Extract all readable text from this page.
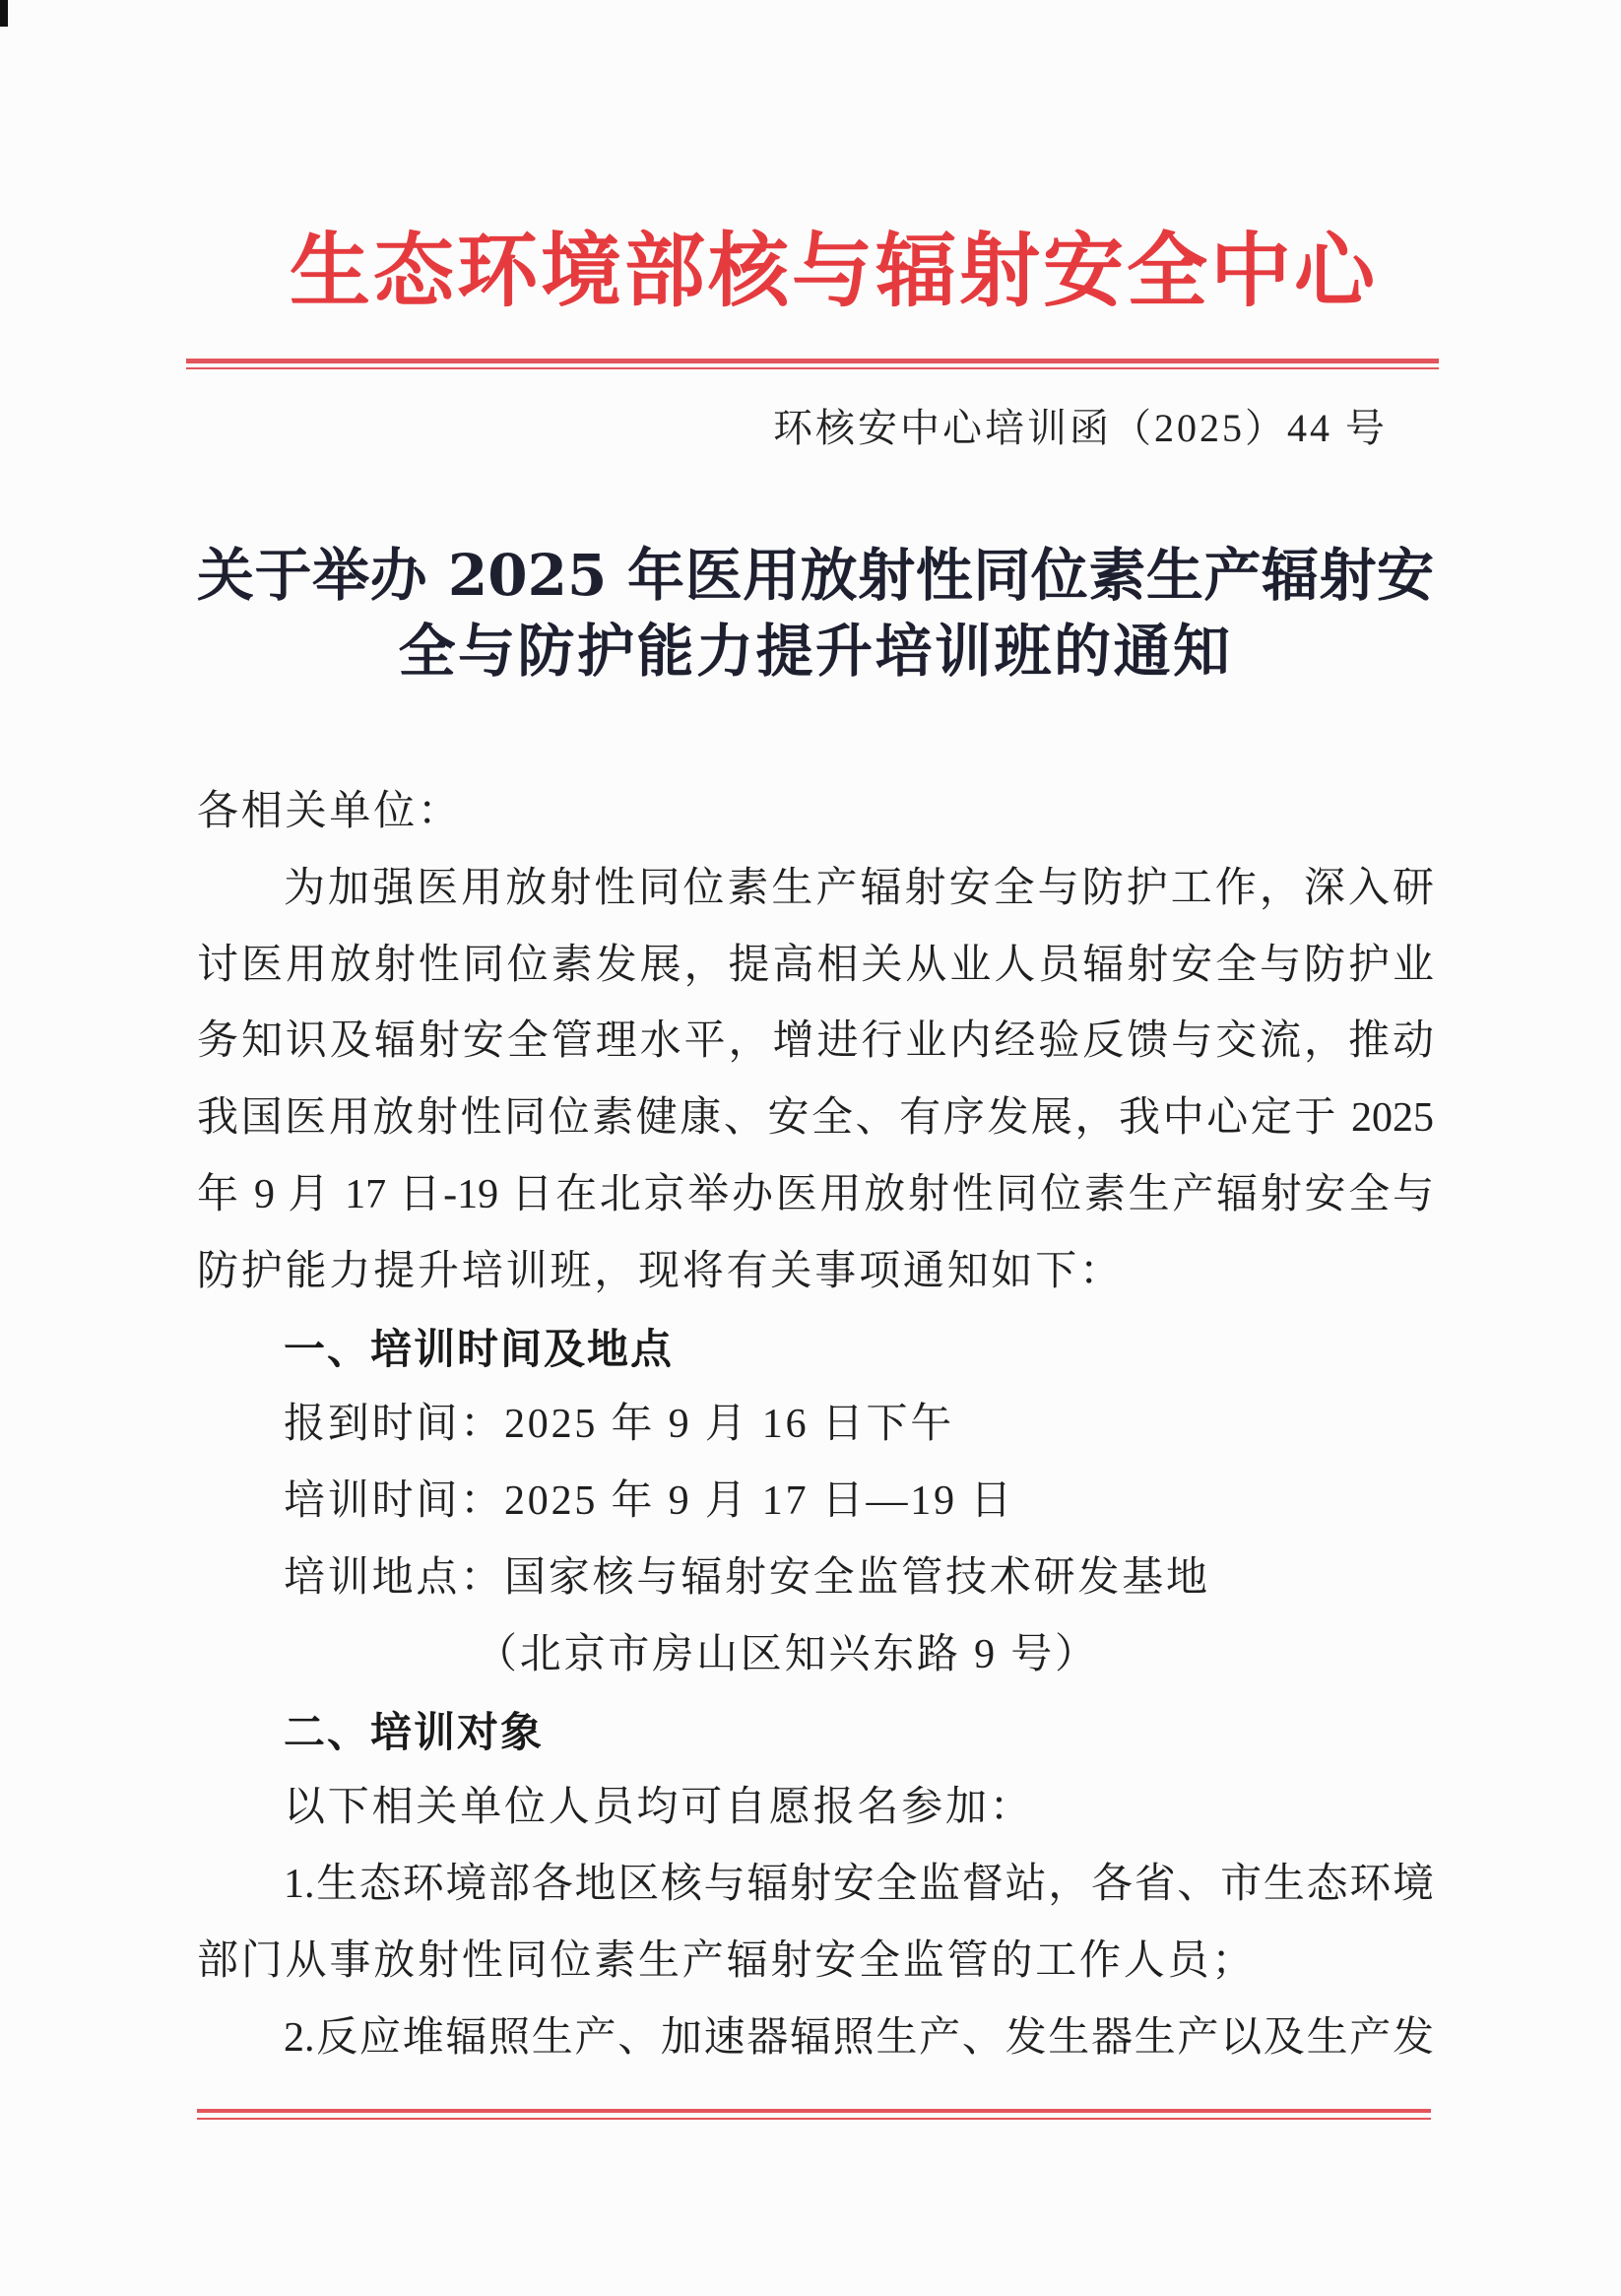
生态环境部核与辐射安全中心
环核安中心培训函（2025）44 号
关于举办 2025 年医用放射性同位素生产辐射安
全与防护能力提升培训班的通知
各相关单位：
为加强医用放射性同位素生产辐射安全与防护工作，深入研
讨医用放射性同位素发展，提高相关从业人员辐射安全与防护业
务知识及辐射安全管理水平，增进行业内经验反馈与交流，推动
我国医用放射性同位素健康、安全、有序发展，我中心定于 2025
年 9 月 17 日-19 日在北京举办医用放射性同位素生产辐射安全与
防护能力提升培训班，现将有关事项通知如下：
一、培训时间及地点
报到时间：2025 年 9 月 16 日下午
培训时间：2025 年 9 月 17 日—19 日
培训地点：国家核与辐射安全监管技术研发基地
（北京市房山区知兴东路 9 号）
二、培训对象
以下相关单位人员均可自愿报名参加：
1.生态环境部各地区核与辐射安全监督站，各省、市生态环境
部门从事放射性同位素生产辐射安全监管的工作人员；
2.反应堆辐照生产、加速器辐照生产、发生器生产以及生产发
